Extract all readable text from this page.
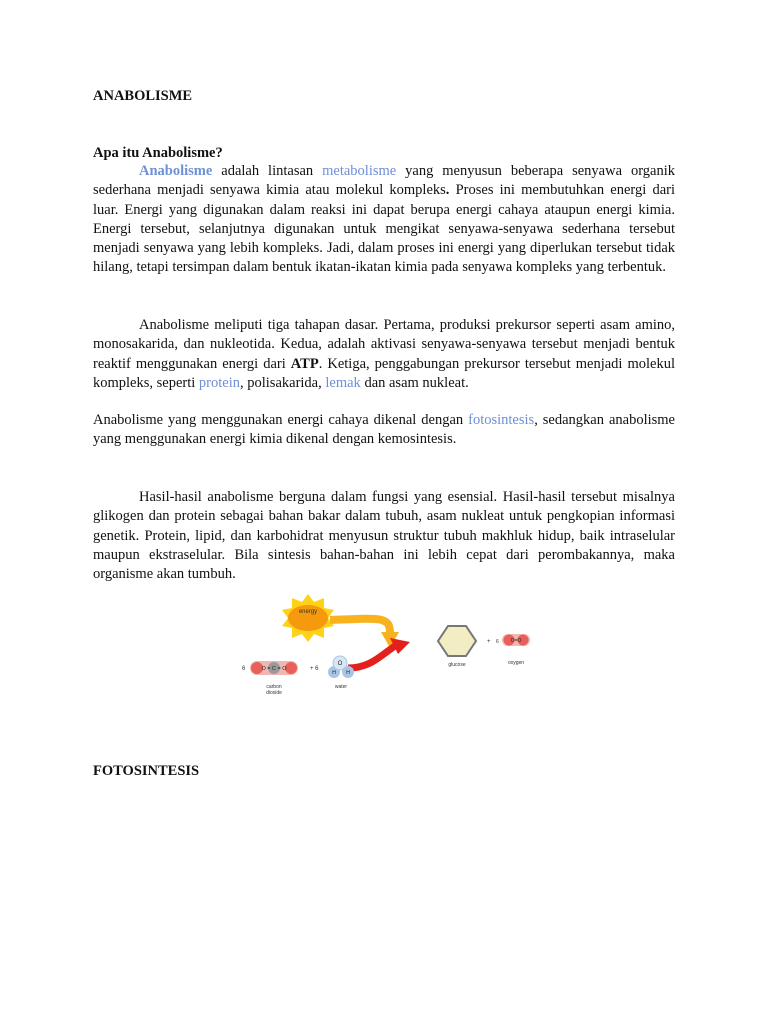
ANABOLISME
Apa itu Anabolisme?

Anabolisme adalah lintasan metabolisme yang menyusun beberapa senyawa organik sederhana menjadi senyawa kimia atau molekul kompleks. Proses ini membutuhkan energi dari luar. Energi yang digunakan dalam reaksi ini dapat berupa energi cahaya ataupun energi kimia. Energi tersebut, selanjutnya digunakan untuk mengikat senyawa-senyawa sederhana tersebut menjadi senyawa yang lebih kompleks. Jadi, dalam proses ini energi yang diperlukan tersebut tidak hilang, tetapi tersimpan dalam bentuk ikatan-ikatan kimia pada senyawa kompleks yang terbentuk.

Anabolisme meliputi tiga tahapan dasar. Pertama, produksi prekursor seperti asam amino, monosakarida, dan nukleotida. Kedua, adalah aktivasi senyawa-senyawa tersebut menjadi bentuk reaktif menggunakan energi dari ATP. Ketiga, penggabungan prekursor tersebut menjadi molekul kompleks, seperti protein, polisakarida, lemak dan asam nukleat.

Anabolisme yang menggunakan energi cahaya dikenal dengan fotosintesis, sedangkan anabolisme yang menggunakan energi kimia dikenal dengan kemosintesis.

Hasil-hasil anabolisme berguna dalam fungsi yang esensial. Hasil-hasil tersebut misalnya glikogen dan protein sebagai bahan bakar dalam tubuh, asam nukleat untuk pengkopian informasi genetik. Protein, lipid, dan karbohidrat menyusun struktur tubuh makhluk hidup, baik intraselular maupun ekstraselular. Bila sintesis bahan-bahan ini lebih cepat dari perombakannya, maka organisme akan tumbuh.

energy
6	O = C = O
carbon
dioxide
+ 6
O
H H
water
glucose
+ 6 O=O
oxygen
FOTOSINTESIS
